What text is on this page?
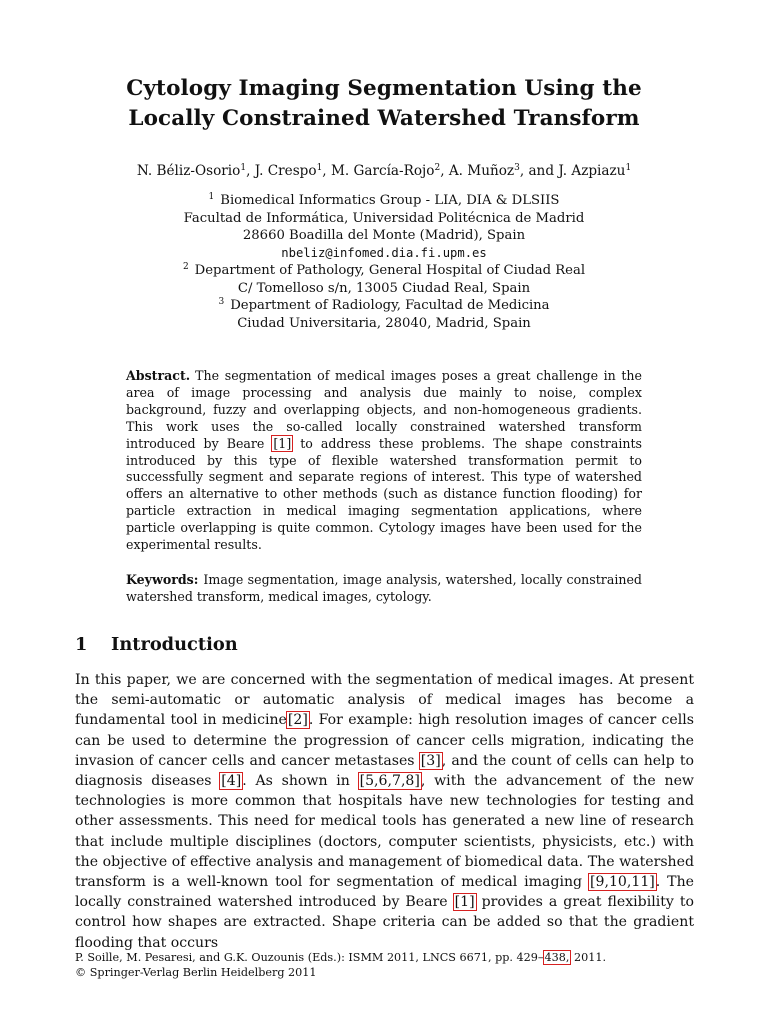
Cytology Imaging Segmentation Using the
Locally Constrained Watershed Transform
N. Béliz-Osorio$^1$, J. Crespo$^1$, M. García-Rojo$^2$, A. Muñoz$^3$, and J. Azpiazu$^1$
$^1$ Biomedical Informatics Group - LIA, DIA & DLSIIS
Facultad de Informática, Universidad Politécnica de Madrid
28660 Boadilla del Monte (Madrid), Spain
nbeliz@infomed.dia.fi.upm.es
$^2$ Department of Pathology, General Hospital of Ciudad Real
C/ Tomelloso s/n, 13005 Ciudad Real, Spain
$^3$ Department of Radiology, Facultad de Medicina
Ciudad Universitaria, 28040, Madrid, Spain
Abstract. The segmentation of medical images poses a great challenge in the area of image processing and analysis due mainly to noise, complex background, fuzzy and overlapping objects, and non-homogeneous gradients. This work uses the so-called locally constrained watershed transform introduced by Beare [1] to address these problems. The shape constraints introduced by this type of flexible watershed transformation permit to successfully segment and separate regions of interest. This type of watershed offers an alternative to other methods (such as distance function flooding) for particle extraction in medical imaging segmentation applications, where particle overlapping is quite common. Cytology images have been used for the experimental results.
Keywords: Image segmentation, image analysis, watershed, locally constrained watershed transform, medical images, cytology.
1 Introduction
In this paper, we are concerned with the segmentation of medical images. At present the semi-automatic or automatic analysis of medical images has become a fundamental tool in medicine[2]. For example: high resolution images of cancer cells can be used to determine the progression of cancer cells migration, indicating the invasion of cancer cells and cancer metastases [3], and the count of cells can help to diagnosis diseases [4]. As shown in [5,6,7,8], with the advancement of the new technologies is more common that hospitals have new technologies for testing and other assessments. This need for medical tools has generated a new line of research that include multiple disciplines (doctors, computer scientists, physicists, etc.) with the objective of effective analysis and management of biomedical data. The watershed transform is a well-known tool for segmentation of medical imaging [9,10,11]. The locally constrained watershed introduced by Beare [1] provides a great flexibility to control how shapes are extracted. Shape criteria can be added so that the gradient flooding that occurs
P. Soille, M. Pesaresi, and G.K. Ouzounis (Eds.): ISMM 2011, LNCS 6671, pp. 429–438, 2011.
© Springer-Verlag Berlin Heidelberg 2011
